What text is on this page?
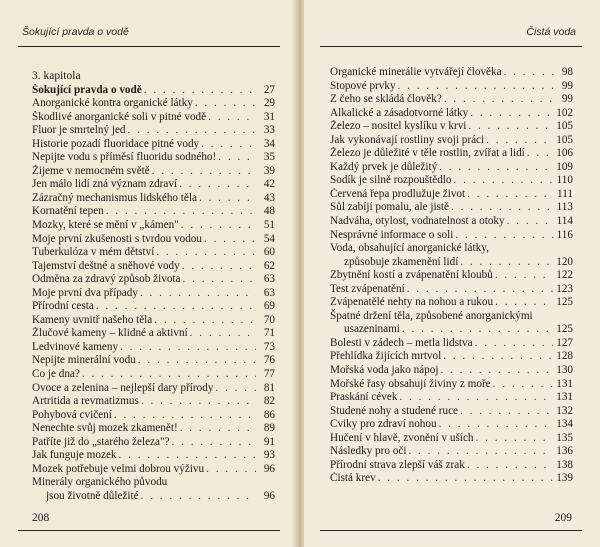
Šokující pravda o vodě
3. kapitola
Šokující pravda o vodě . . .	27
Anorganické kontra organické látky . . .	29
Škodlivé anorganické soli v pitné vodě . . .	31
Fluor je smrtelný jed . . .	33
Historie pozadí fluoridace pitné vody . . .	34
Nepijte vodu s příměsí fluoridu sodného! . . .	35
Žijeme v nemocném světě . . .	39
Jen málo lidí zná význam zdraví . . .	42
Zázračný mechanismus lidského těla . . .	43
Kornatění tepen . . .	48
Mozky, které se mění v „kámen" . . .	51
Moje první zkušenosti s tvrdou vodou . . .	54
Tuberkulóza v mém dětství . . .	60
Tajemství deštné a sněhové vody . . .	62
Odměna za zdravý způsob života . . .	63
Moje první dva případy . . .	63
Přírodní cesta . . .	69
Kameny uvnitř našeho těla . . .	70
Žlučové kameny – klidné a aktivní . . .	71
Ledvinové kameny . . .	73
Nepijte minerální vodu . . .	76
Co je dna? . . .	77
Ovoce a zelenina – nejlepší dary přírody . . .	81
Artritida a revmatizmus . . .	82
Pohybová cvičení . . .	86
Nenechte svůj mozek zkamenět! . . .	89
Patříte již do „starého železa"? . . .	91
Jak funguje mozek . . .	93
Mozek potřebuje velmi dobrou výživu . . .	96
Minerály organického původu
jsou životně důležité . . .	96
208
Čistá voda
Organické minerálie vytvářejí člověka . . .	98
Stopové prvky . . .	99
Z čeho se skládá člověk? . . .	99
Alkalické a zásadotvorné látky . . .	102
Železo – nositel kyslíku v krvi . . .	105
Jak vykonávají rostliny svoji práci . . .	105
Železo je důležité v těle rostlin, zvířat a lidí . . .	106
Každý prvek je důležitý . . .	109
Sodík je silně rozpouštědlo . . .	110
Červená řepa prodlužuje život . . .	111
Sůl zabíjí pomalu, ale jistě . . .	113
Nadváha, otylost, vodnatelnost a otoky . . .	114
Nesprávné informace o soli . . .	116
Voda, obsahující anorganické látky,
způsobuje zkamenění lidí . . .	120
Zbytnění kostí a zvápenatění kloubů . . .	122
Test zvápenatění . . .	123
Zvápenatělé nehty na nohou a rukou . . .	125
Špatné držení těla, způsobené anorganickými
usazeninami . . .	125
Bolesti v zádech – metla lidstva . . .	127
Přehlídka žijících mrtvol . . .	128
Mořská voda jako nápoj . . .	130
Mořské řasy obsahují živiny z moře . . .	131
Praskání cévek . . .	131
Studené nohy a studené ruce . . .	132
Cviky pro zdraví nohou . . .	134
Hučení v hlavě, zvonění v uších . . .	135
Následky pro oči . . .	136
Přírodní strava zlepší váš zrak . . .	138
Čistá krev . . .	139
209
